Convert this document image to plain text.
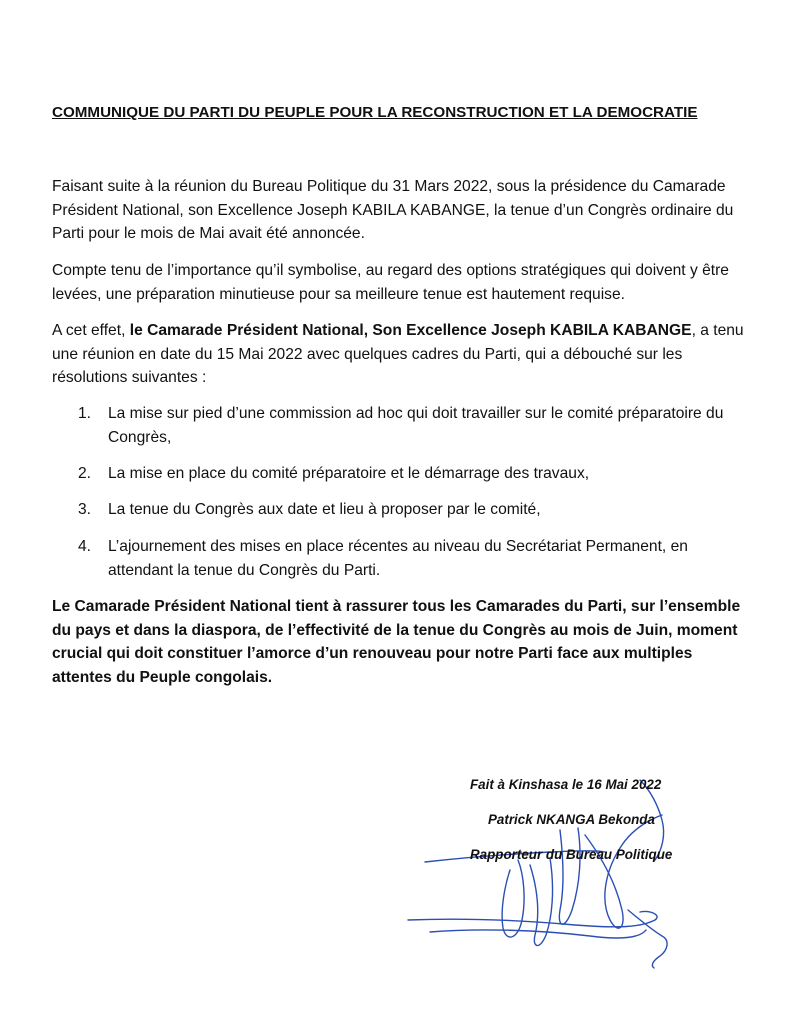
COMMUNIQUE DU PARTI DU PEUPLE POUR LA RECONSTRUCTION ET LA DEMOCRATIE
Faisant suite à la réunion du Bureau Politique du 31 Mars 2022, sous la présidence du Camarade Président National, son Excellence Joseph KABILA KABANGE, la tenue d’un Congrès ordinaire du Parti pour le mois de Mai avait été annoncée.
Compte tenu de l’importance qu’il symbolise, au regard des options stratégiques qui doivent y être levées, une préparation minutieuse pour sa meilleure tenue est hautement requise.
A cet effet, le Camarade Président National, Son Excellence Joseph KABILA KABANGE, a tenu une réunion en date du 15 Mai 2022 avec quelques cadres du Parti, qui a débouché sur les résolutions suivantes :
1.	La mise sur pied d’une commission ad hoc qui doit travailler sur le comité préparatoire du Congrès,
2.	La mise en place du comité préparatoire et le démarrage des travaux,
3.	La tenue du Congrès aux date et lieu à proposer par le comité,
4.	L’ajournement des mises en place récentes au niveau du Secrétariat Permanent, en attendant la tenue du Congrès du Parti.
Le Camarade Président National tient à rassurer tous les Camarades du Parti, sur l’ensemble du pays et dans la diaspora, de l’effectivité de la tenue du Congrès au mois de Juin, moment crucial qui doit constituer l’amorce d’un renouveau pour notre Parti face aux multiples attentes du Peuple congolais.
Fait à Kinshasa le 16 Mai 2022
Patrick NKANGA Bekonda
Rapporteur du Bureau Politique
